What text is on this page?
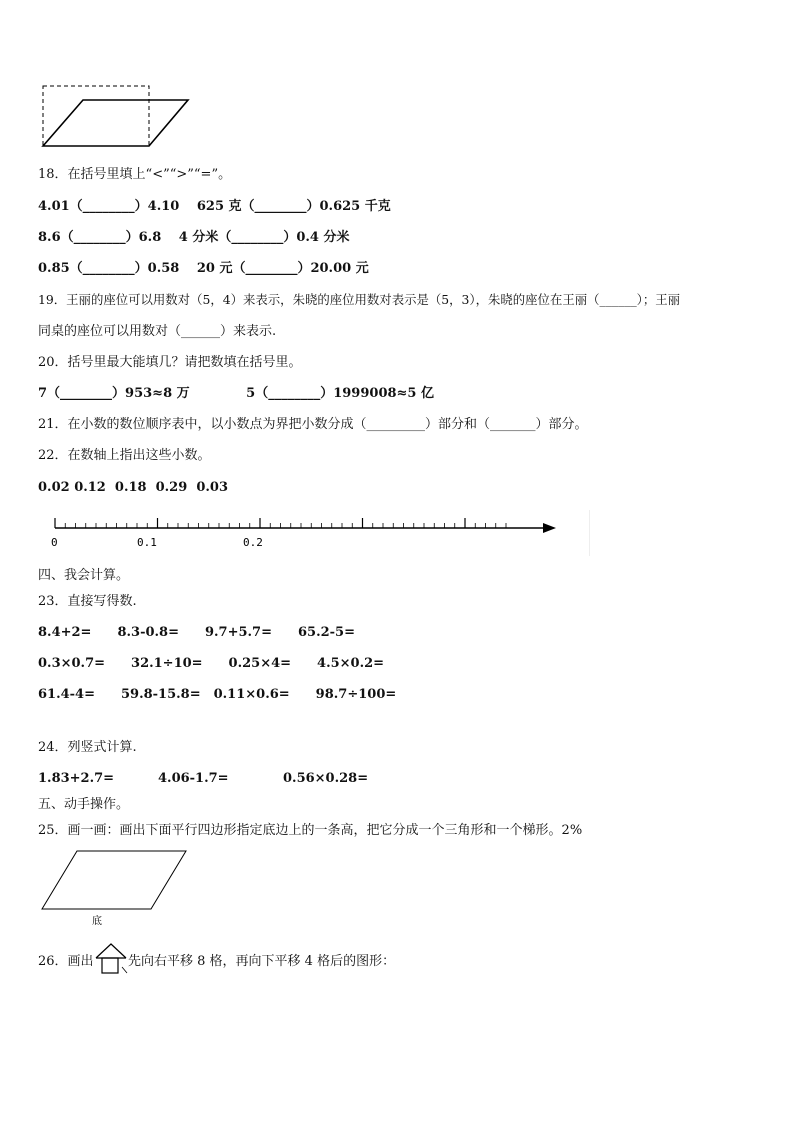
18．在括号里填上“<”“>”“=”。
4.01（________）4.10　 625 克（________）0.625 千克
8.6（________）6.8　 4 分米（________）0.4 分米
0.85（________）0.58　 20 元（________）20.00 元
19．王丽的座位可以用数对（5，4）来表示，朱晓的座位用数对表示是（5，3），朱晓的座位在王丽（______）；王丽
同桌的座位可以用数对（______）来表示.
20．括号里最大能填几？请把数填在括号里。
7（________）953≈8 万　　　　 5（________）1999008≈5 亿
21．在小数的数位顺序表中，以小数点为界把小数分成（_________）部分和（_______）部分。
22．在数轴上指出这些小数。
0.02 0.12  0.18  0.29  0.03
0	0.1	0.2
四、我会计算。
23．直接写得数.
8.4+2=　　8.3-0.8=　　9.7+5.7=　　65.2-5=
0.3×0.7=　　32.1÷10=　　0.25×4=　　4.5×0.2=
61.4-4=　　59.8-15.8=　0.11×0.6=　　98.7÷100=
24．列竖式计算.
1.83+2.7=	4.06-1.7=	0.56×0.28=
五、动手操作。
25．画一画：画出下面平行四边形指定底边上的一条高，把它分成一个三角形和一个梯形。2%
底
26．画出	先向右平移 8 格，再向下平移 4 格后的图形：
